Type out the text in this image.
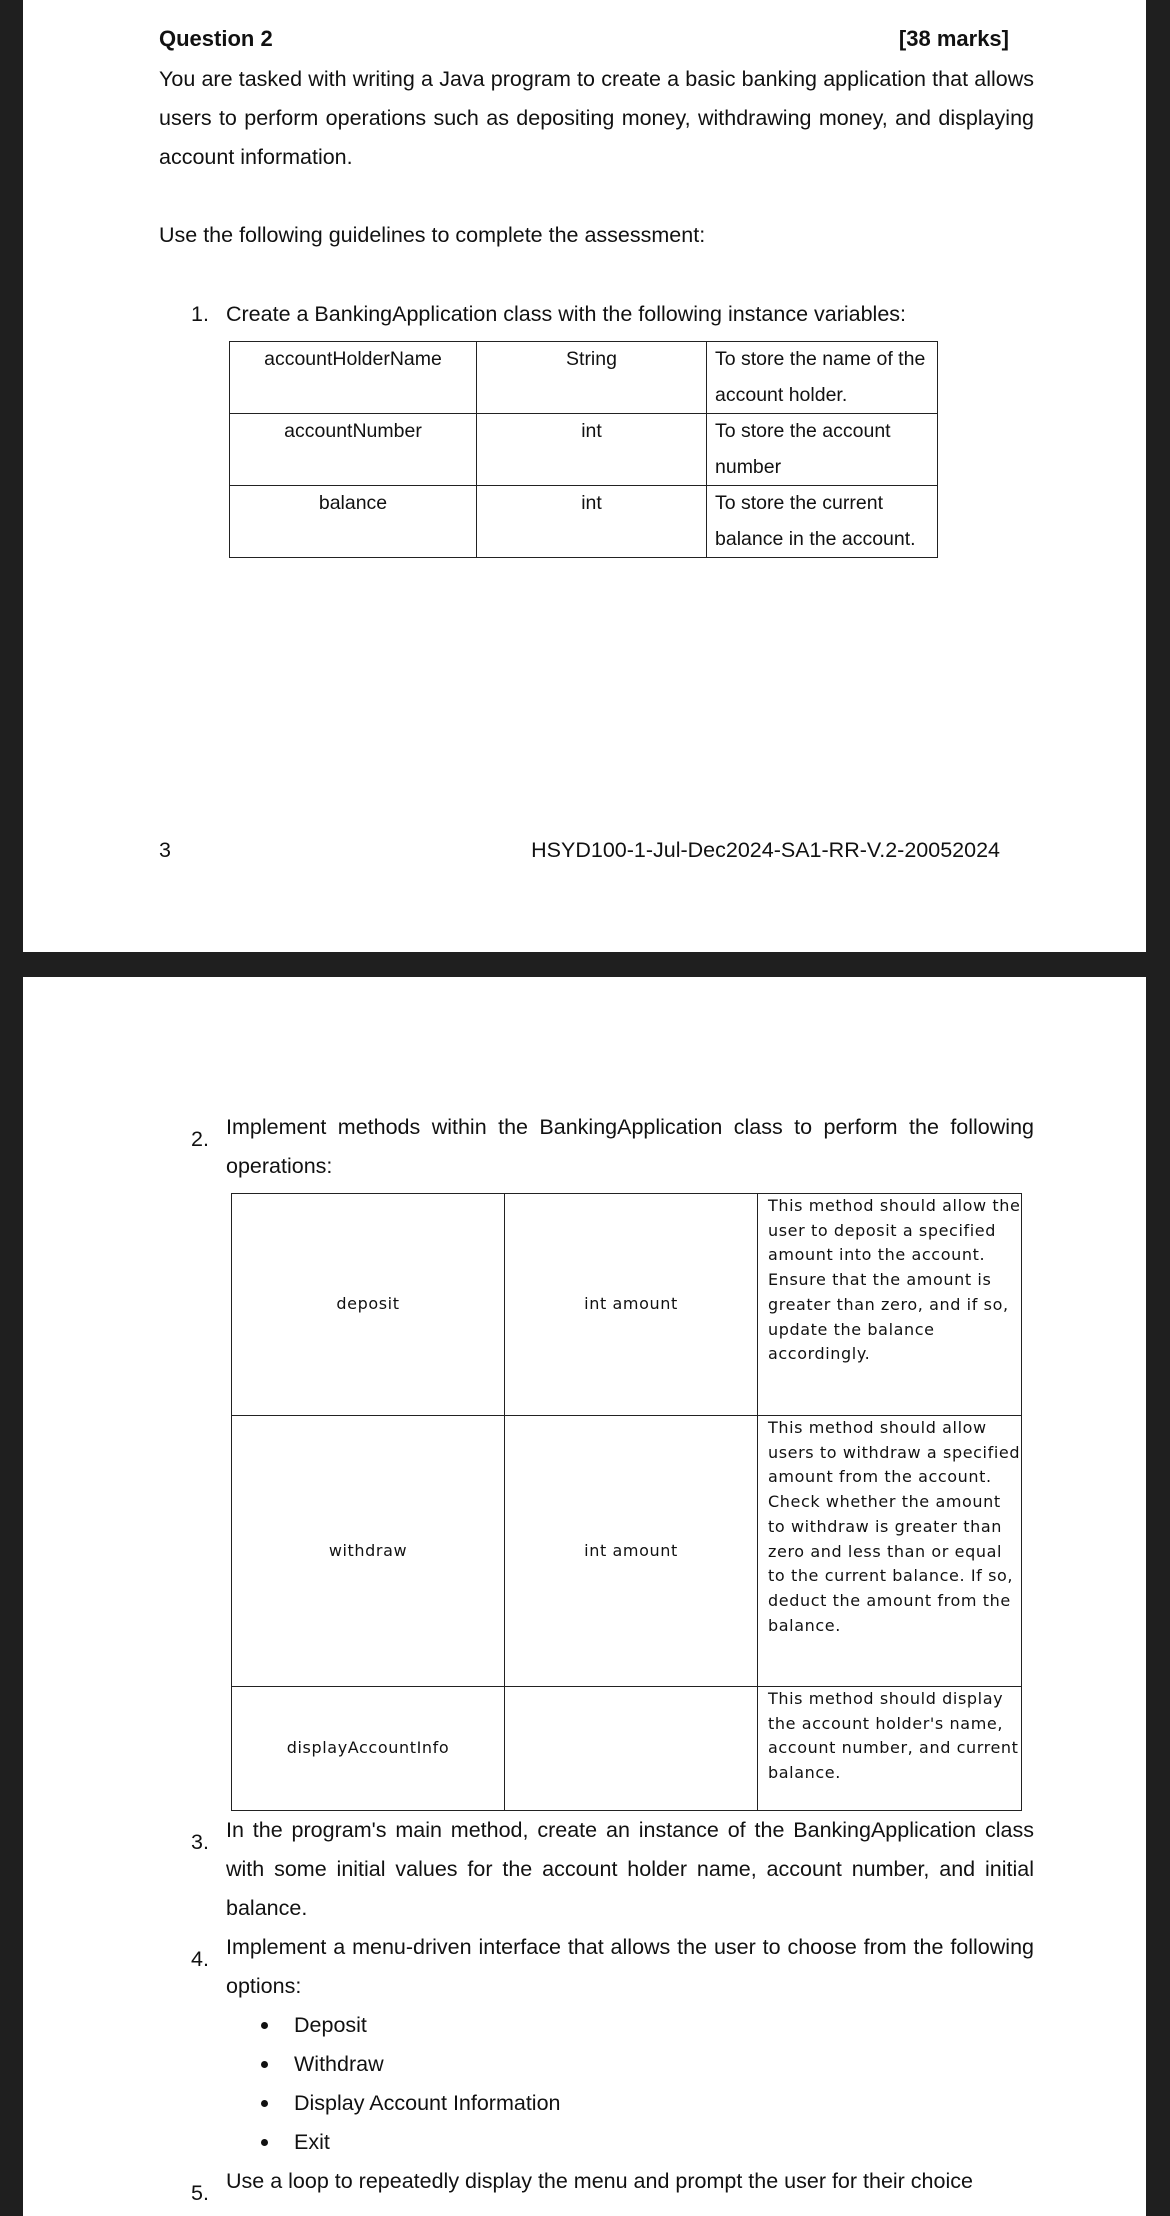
Question 2	[38 marks]
You are tasked with writing a Java program to create a basic banking application that allows users to perform operations such as depositing money, withdrawing money, and displaying account information.
Use the following guidelines to complete the assessment:
1. Create a BankingApplication class with the following instance variables:
accountHolderName	String	To store the name of the account holder.
accountNumber	int	To store the account number
balance	int	To store the current balance in the account.
3	HSYD100-1-Jul-Dec2024-SA1-RR-V.2-20052024
2. Implement methods within the BankingApplication class to perform the following operations:
deposit	int amount	This method should allow the user to deposit a specified amount into the account. Ensure that the amount is greater than zero, and if so, update the balance accordingly.
withdraw	int amount	This method should allow users to withdraw a specified amount from the account. Check whether the amount to withdraw is greater than zero and less than or equal to the current balance. If so, deduct the amount from the balance.
displayAccountInfo		This method should display the account holder's name, account number, and current balance.
3. In the program's main method, create an instance of the BankingApplication class with some initial values for the account holder name, account number, and initial balance.
4. Implement a menu-driven interface that allows the user to choose from the following options:
Deposit
Withdraw
Display Account Information
Exit
5. Use a loop to repeatedly display the menu and prompt the user for their choice
